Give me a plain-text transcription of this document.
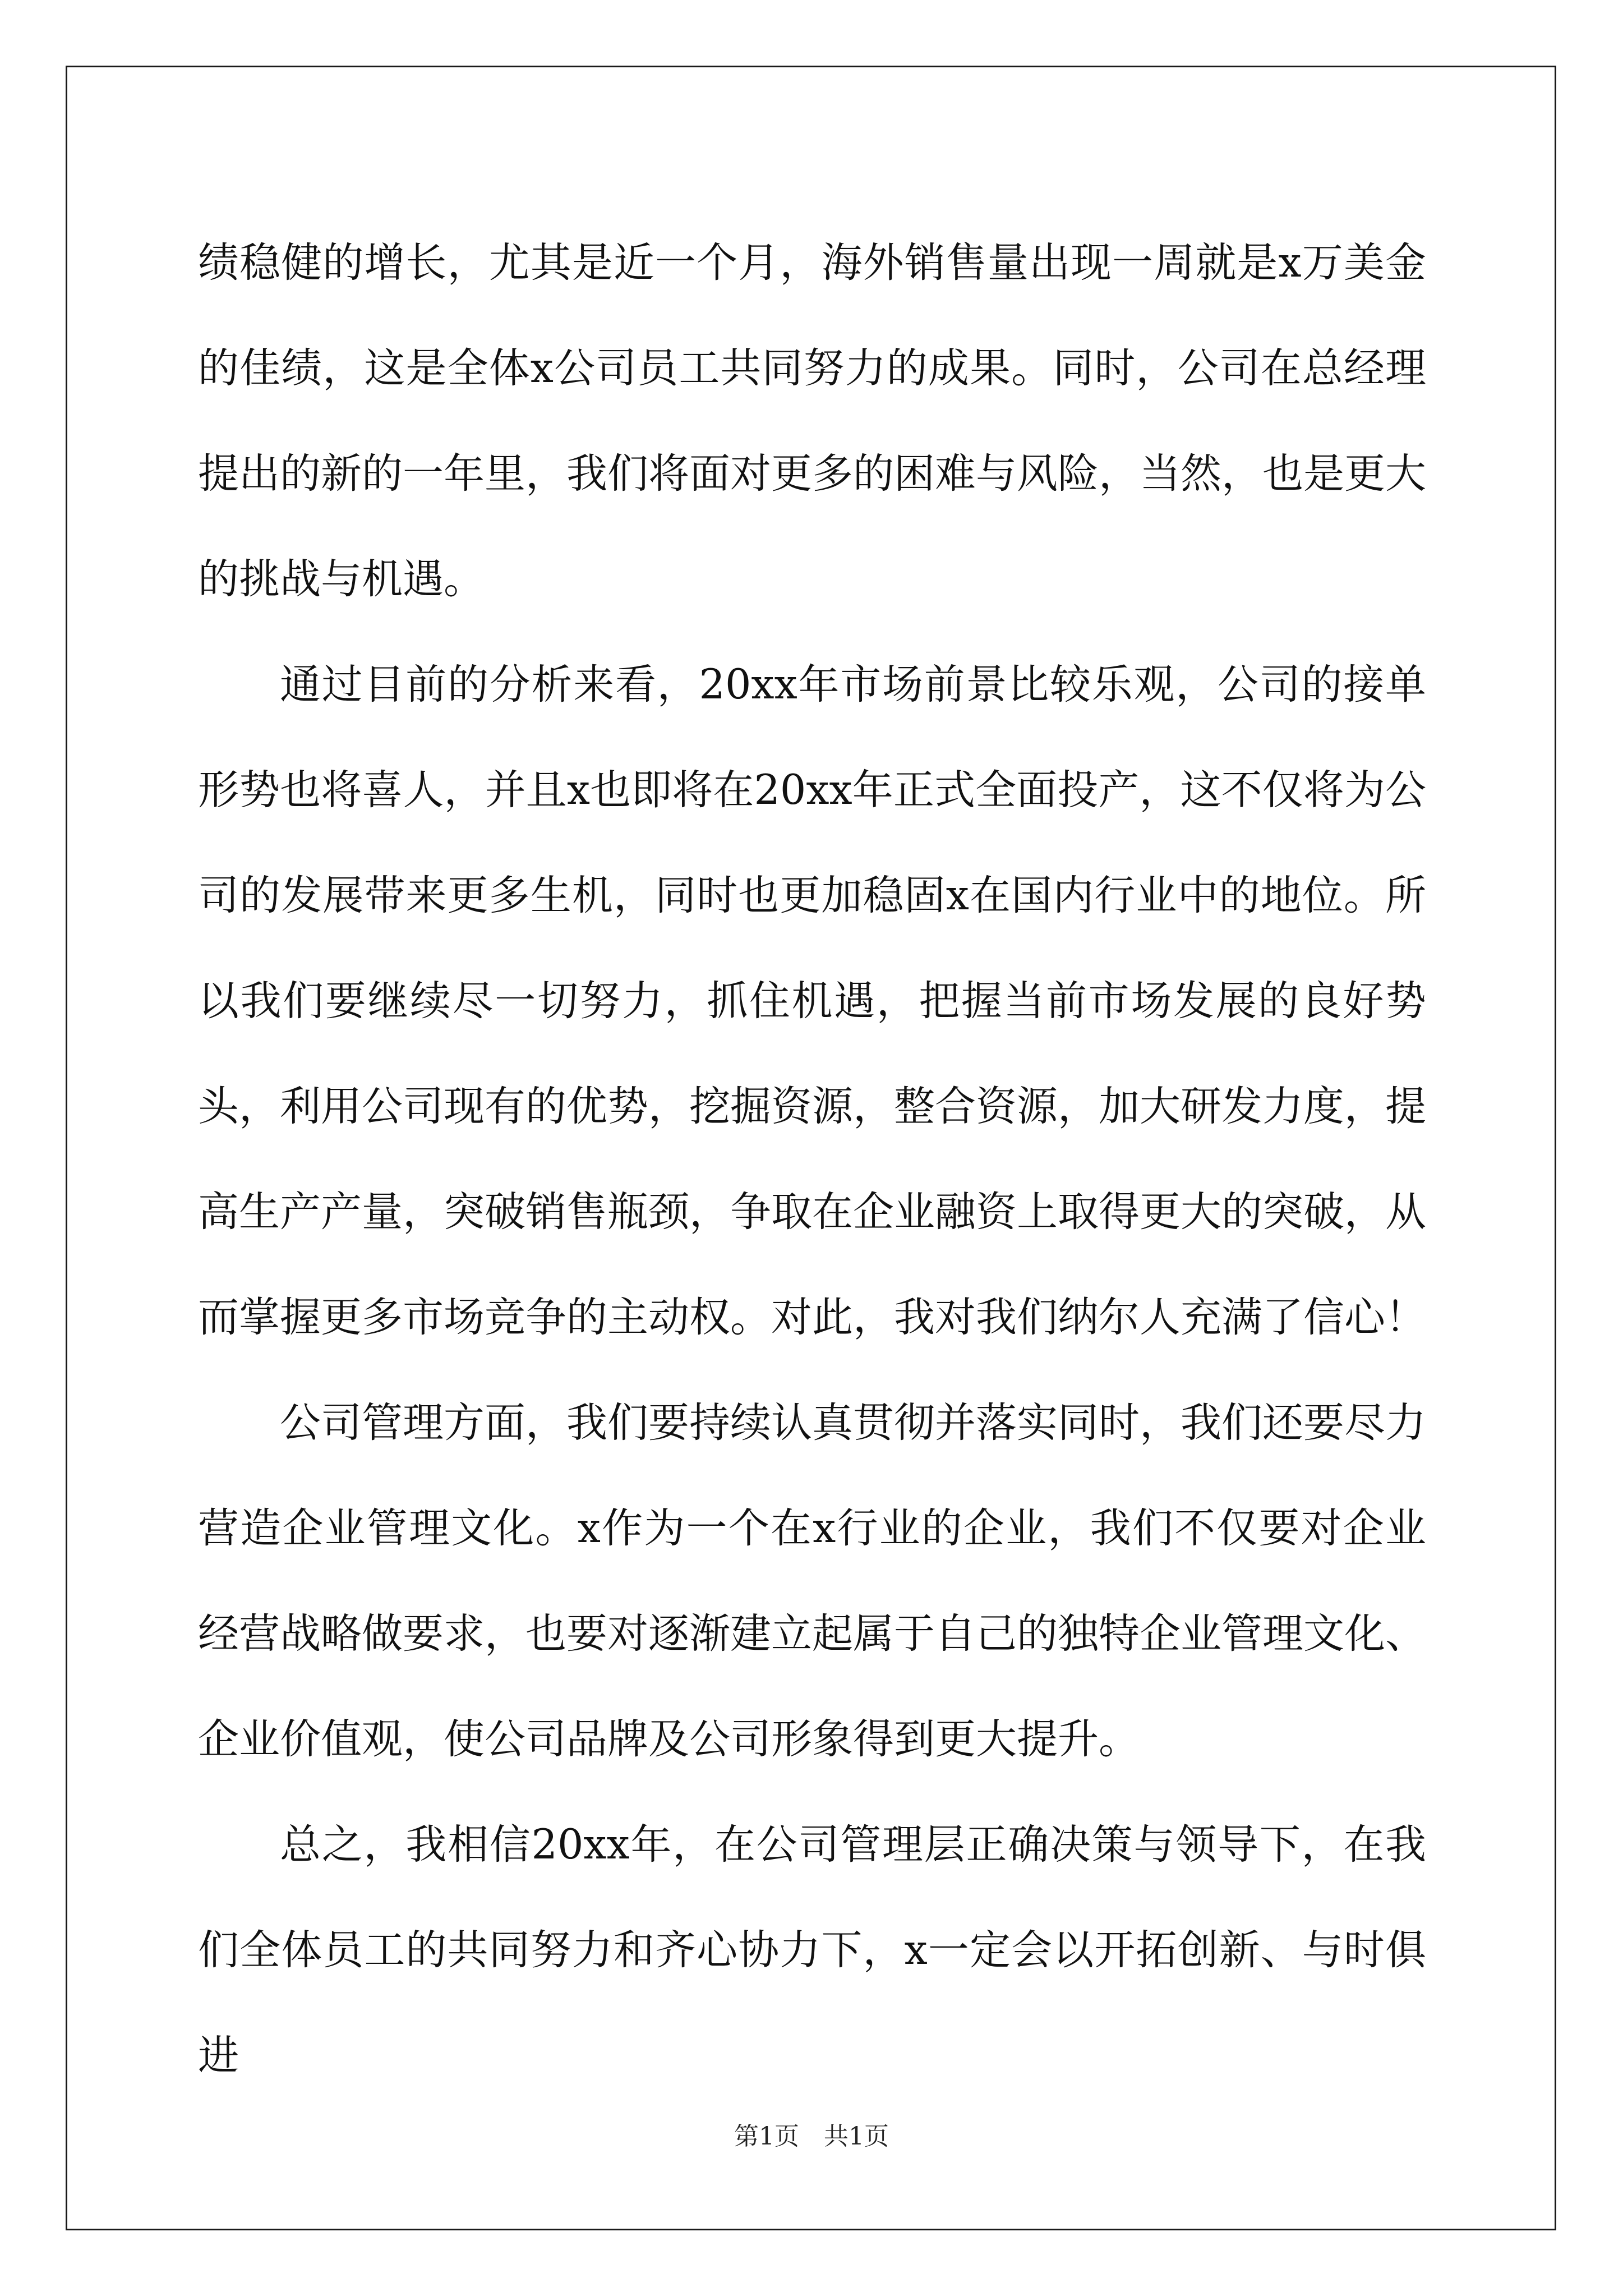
绩稳健的增长，尤其是近一个月，海外销售量出现一周就是x万美金的佳绩，这是全体x公司员工共同努力的成果。同时，公司在总经理提出的新的一年里，我们将面对更多的困难与风险，当然，也是更大的挑战与机遇。

通过目前的分析来看，20xx年市场前景比较乐观，公司的接单形势也将喜人，并且x也即将在20xx年正式全面投产，这不仅将为公司的发展带来更多生机，同时也更加稳固x在国内行业中的地位。所以我们要继续尽一切努力，抓住机遇，把握当前市场发展的良好势头，利用公司现有的优势，挖掘资源，整合资源，加大研发力度，提高生产产量，突破销售瓶颈，争取在企业融资上取得更大的突破，从而掌握更多市场竞争的主动权。对此，我对我们纳尔人充满了信心！

公司管理方面，我们要持续认真贯彻并落实同时，我们还要尽力营造企业管理文化。x作为一个在x行业的企业，我们不仅要对企业经营战略做要求，也要对逐渐建立起属于自己的独特企业管理文化、企业价值观，使公司品牌及公司形象得到更大提升。

总之，我相信20xx年，在公司管理层正确决策与领导下，在我们全体员工的共同努力和齐心协力下，x一定会以开拓创新、与时俱进

第1页 共1页
